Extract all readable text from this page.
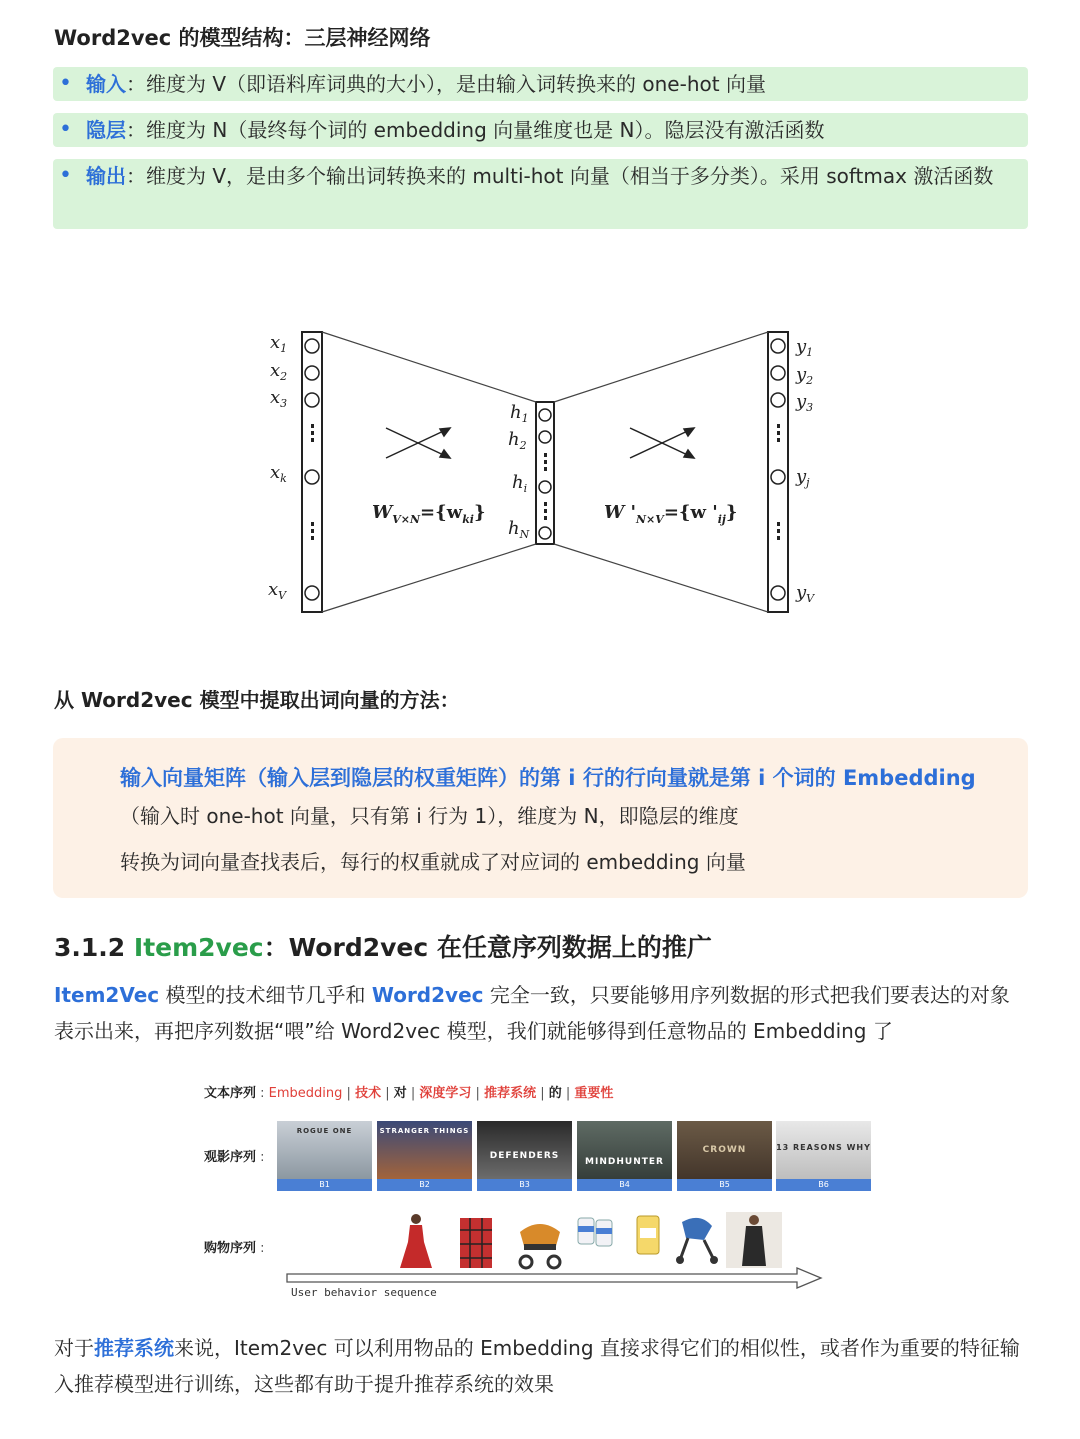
Word2vec 的模型结构：三层神经网络
• 输入：维度为 V（即语料库词典的大小），是由输入词转换来的 one-hot 向量
• 隐层：维度为 N（最终每个词的 embedding 向量维度也是 N）。隐层没有激活函数
• 输出：维度为 V，是由多个输出词转换来的 multi-hot 向量（相当于多分类）。采用 softmax 激活函数
$x_1$
$x_2$
$x_3$
$x_k$
$x_V$
$h_1$
$h_2$
$h_i$
$h_N$
$y_1$
$y_2$
$y_3$
$y_j$
$y_V$
$W_{V\times N}=\{w_{ki}\}$	W '$_{N\times V}=\{w$ '$_{ij}$}
从 Word2vec 模型中提取出词向量的方法：
输入向量矩阵（输入层到隐层的权重矩阵）的第 i 行的行向量就是第 i 个词的 Embedding
（输入时 one-hot 向量，只有第 i 行为 1），维度为 N，即隐层的维度
转换为词向量查找表后，每行的权重就成了对应词的 embedding 向量
3.1.2 Item2vec：Word2vec 在任意序列数据上的推广
Item2Vec 模型的技术细节几乎和 Word2vec 完全一致，只要能够用序列数据的形式把我们要表达的对象表示出来，再把序列数据“喂”给 Word2vec 模型，我们就能够得到任意物品的 Embedding 了
文本序列 : Embedding | 技术 | 对 | 深度学习 | 推荐系统 | 的 | 重要性
观影序列 :
ROGUE ONE
B1
STRANGER THINGS
B2
DEFENDERS
B3
MINDHUNTER
B4
CROWN
B5
13 REASONS WHY
B6
购物序列 :
User behavior sequence
对于推荐系统来说，Item2vec 可以利用物品的 Embedding 直接求得它们的相似性，或者作为重要的特征输入推荐模型进行训练，这些都有助于提升推荐系统的效果
